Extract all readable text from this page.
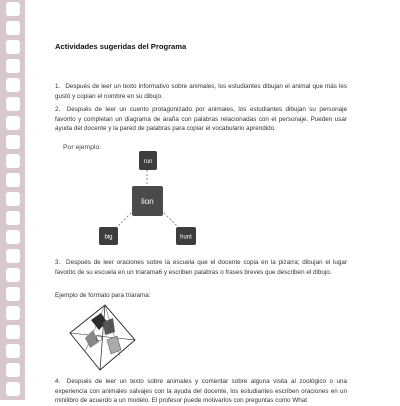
Actividades sugeridas del Programa
1. Después de leer un texto informativo sobre animales, los estudiantes dibujan el animal que más les gustó y copian el nombre en su dibujo.
2. Después de leer un cuento protagonizado por animales, los estudiantes dibujan su personaje favorito y completan un diagrama de araña con palabras relacionadas con el personaje. Pueden usar ayuda del docente y la pared de palabras para copiar el vocabulario aprendido.
Por ejemplo:
run
lion
big	hunt
3. Después de leer oraciones sobre la escuela que el docente copia en la pizarra; dibujan el lugar favorito de su escuela en un triarama6 y escriben palabras o frases breves que describen el dibujo.
Ejemplo de formato para triarama:
4. Después de leer un texto sobre animales y comentar sobre alguna visita al zoológico o una experiencia con animales salvajes con la ayuda del docente, los estudiantes escriben oraciones en un minilibro de acuerdo a un modelo. El profesor puede motivarlos con preguntas como What
